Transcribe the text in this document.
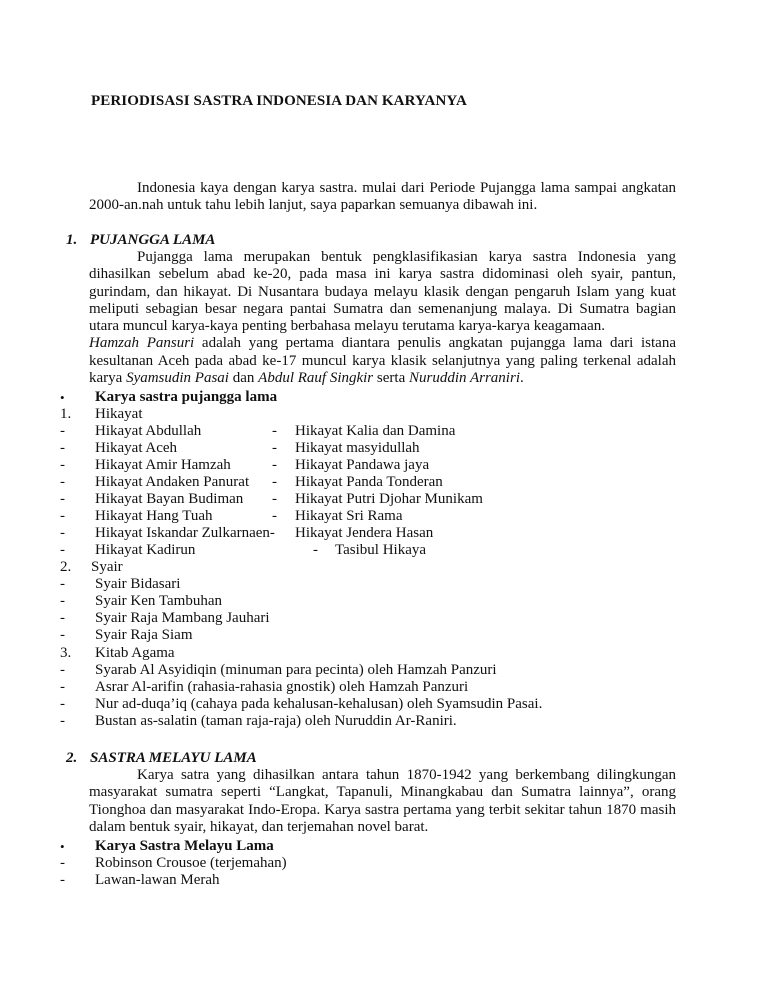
PERIODISASI SASTRA INDONESIA DAN KARYANYA
Indonesia kaya dengan karya sastra. mulai dari Periode Pujangga lama sampai angkatan 2000-an.nah untuk tahu lebih lanjut, saya paparkan semuanya dibawah ini.
1. PUJANGGA LAMA
Pujangga lama merupakan bentuk pengklasifikasian karya sastra Indonesia yang dihasilkan sebelum abad ke-20, pada masa ini karya sastra didominasi oleh syair, pantun, gurindam, dan hikayat. Di Nusantara budaya melayu klasik dengan pengaruh Islam yang kuat meliputi sebagian besar negara pantai Sumatra dan semenanjung malaya. Di Sumatra bagian utara muncul karya-kaya penting berbahasa melayu terutama karya-karya keagamaan.
Hamzah Pansuri adalah yang pertama diantara penulis angkatan pujangga lama dari istana kesultanan Aceh pada abad ke-17 muncul karya klasik selanjutnya yang paling terkenal adalah karya Syamsudin Pasai dan Abdul Rauf Singkir serta Nuruddin Arraniri.
•	Karya sastra pujangga lama
1.	Hikayat
-	Hikayat Abdullah	- Hikayat Kalia dan Damina
-	Hikayat Aceh	- Hikayat masyidullah
-	Hikayat Amir Hamzah	- Hikayat Pandawa jaya
-	Hikayat Andaken Panurat - Hikayat Panda Tonderan
-	Hikayat Bayan Budiman - Hikayat Putri Djohar Munikam
-	Hikayat Hang Tuah	- Hikayat Sri Rama
-	Hikayat Iskandar Zulkarnaen- Hikayat Jendera Hasan
-	Hikayat Kadirun	- Tasibul Hikaya
2.	Syair
-	Syair Bidasari
-	Syair Ken Tambuhan
-	Syair Raja Mambang Jauhari
-	Syair Raja Siam
3.	Kitab Agama
-	Syarab Al Asyidiqin (minuman para pecinta) oleh Hamzah Panzuri
-	Asrar Al-arifin (rahasia-rahasia gnostik) oleh Hamzah Panzuri
-	Nur ad-duqa’iq (cahaya pada kehalusan-kehalusan) oleh Syamsudin Pasai.
-	Bustan as-salatin (taman raja-raja) oleh Nuruddin Ar-Raniri.
2. SASTRA MELAYU LAMA
Karya satra yang dihasilkan antara tahun 1870-1942 yang berkembang dilingkungan masyarakat sumatra seperti “Langkat, Tapanuli, Minangkabau dan Sumatra lainnya”, orang Tionghoa dan masyarakat Indo-Eropa. Karya sastra pertama yang terbit sekitar tahun 1870 masih dalam bentuk syair, hikayat, dan terjemahan novel barat.
•	Karya Sastra Melayu Lama
-	Robinson Crousoe (terjemahan)
-	Lawan-lawan Merah
